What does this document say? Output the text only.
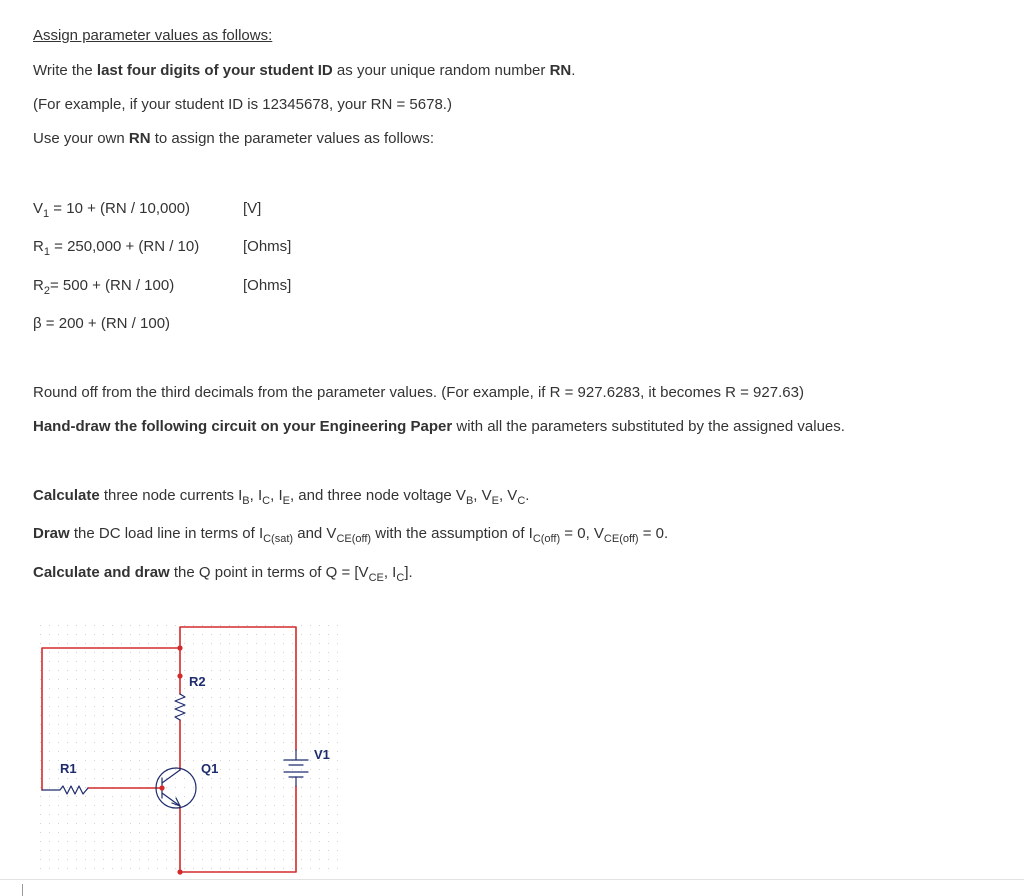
Assign parameter values as follows:
Write the last four digits of your student ID as your unique random number RN.
(For example, if your student ID is 12345678, your RN = 5678.)
Use your own RN to assign the parameter values as follows:
$V_1 = 10 + (RN / 10,000)$	[V]
$R_1 = 250,000 + (RN / 10)$	[Ohms]
$R_2= 500 + (RN / 100)$	[Ohms]
β = 200 + (RN / 100)
Round off from the third decimals from the parameter values. (For example, if R = 927.6283, it becomes R = 927.63)
Hand-draw the following circuit on your Engineering Paper with all the parameters substituted by the assigned values.
Calculate three node currents $I_B$, $I_C$, $I_E$, and three node voltage $V_B$, $V_E$, $V_C$.
Draw the DC load line in terms of $I_{C(sat)}$ and $V_{CE(off)}$ with the assumption of $I_{C(off)} = 0$, $V_{CE(off)} = 0$.
Calculate and draw the Q point in terms of $Q = [V_{CE}$, $I_C$].
R2
R1	Q1
V1
